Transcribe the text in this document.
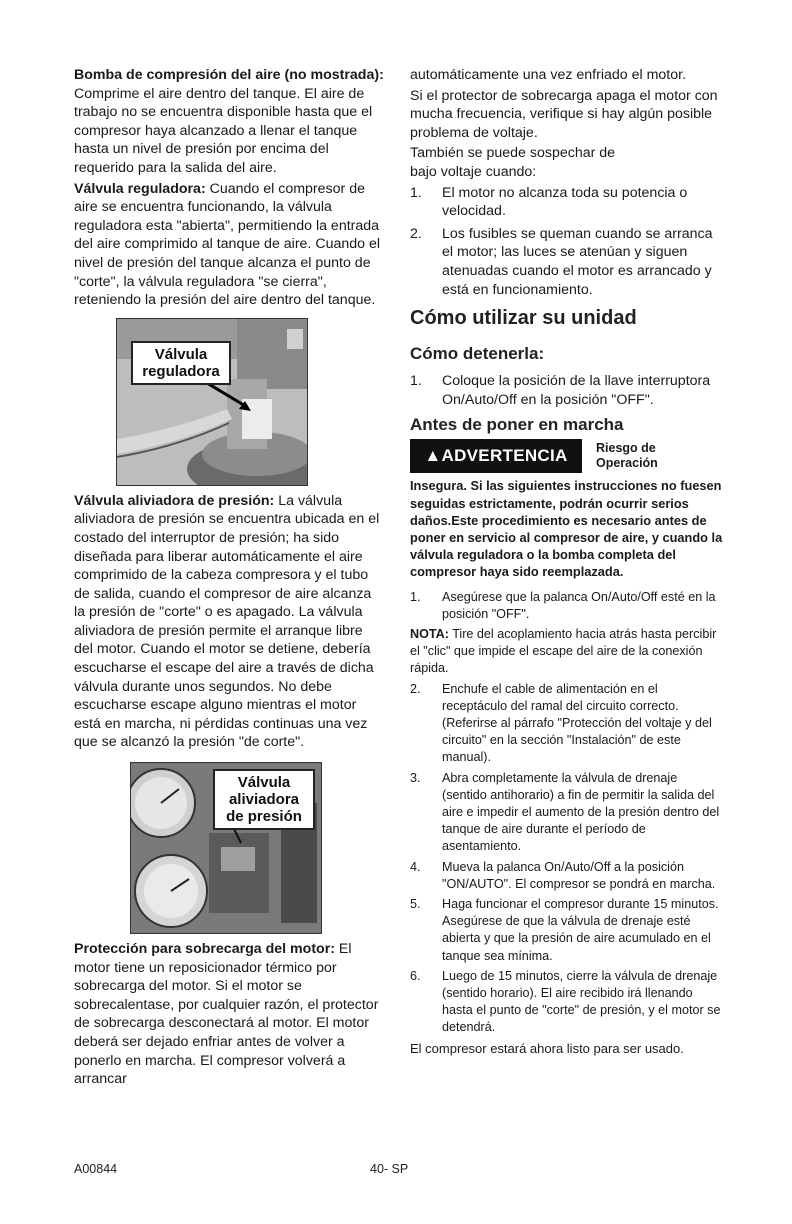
Bomba de compresión del aire (no mostrada): Comprime el aire dentro del tanque. El aire de trabajo no se encuentra disponible hasta que el compresor haya alcanzado a llenar el tanque hasta un nivel de presión por encima del requerido para la salida del aire.

Válvula reguladora: Cuando el compresor de aire se encuentra funcionando, la válvula reguladora esta "abierta", permitiendo la entrada del aire comprimido al tanque de aire. Cuando el nivel de presión del tanque alcanza el punto de "corte", la válvula reguladora "se cierra", reteniendo la presión del aire dentro del tanque.

Válvula
reguladora

Válvula aliviadora de presión: La válvula aliviadora de presión se encuentra ubicada en el costado del interruptor de presión; ha sido diseñada para liberar automáticamente el aire comprimido de la cabeza compresora y el tubo de salida, cuando el compresor de aire alcanza la presión de "corte" o es apagado. La válvula aliviadora de presión permite el arranque libre del motor. Cuando el motor se detiene, debería escucharse el escape del aire a través de dicha válvula durante unos segundos. No debe escucharse escape alguno mientras el motor está en marcha, ni pérdidas continuas una vez que se alcanzó la presión "de corte".

Válvula
aliviadora
de presión

Protección para sobrecarga del motor: El motor tiene un reposicionador térmico por sobrecarga del motor. Si el motor se sobrecalentase, por cualquier razón, el protector de sobrecarga desconectará al motor. El motor deberá ser dejado enfriar antes de volver a ponerlo en marcha. El compresor volverá a arrancar

automáticamente una vez enfriado el motor.

Si el protector de sobrecarga apaga el motor con mucha frecuencia, verifique si hay algún posible problema de voltaje.

También se puede sospechar de

bajo voltaje cuando:

1.	El motor no alcanza toda su potencia o velocidad.
2.	Los fusibles se queman cuando se arranca el motor; las luces se atenúan y siguen atenuadas cuando el motor es arrancado y está en funcionamiento.
Cómo utilizar su unidad
Cómo detenerla:
1.	Coloque la posición de la llave interruptora On/Auto/Off en la posición "OFF".
Antes de poner en marcha
▲ADVERTENCIA	Riesgo de
Operación

Insegura. Si las siguientes instrucciones no fuesen seguidas estrictamente, podrán ocurrir serios daños.Este procedimiento es necesario antes de poner en servicio al compresor de aire, y cuando la válvula reguladora o la bomba completa del compresor haya sido reemplazada.

1.	Asegúrese que la palanca On/Auto/Off esté en la posición "OFF".

NOTA: Tire del acoplamiento hacia atrás hasta percibir el "clic" que impide el escape del aire de la conexión rápida.

2.	Enchufe el cable de alimentación en el receptáculo del ramal del circuito correcto. (Referirse al párrafo "Protección del voltaje y del circuito" en la sección "Instalación" de este manual).
3.	Abra completamente la válvula de drenaje (sentido antihorario) a fin de permitir la salida del aire e impedir el aumento de la presión dentro del tanque de aire durante el período de asentamiento.
4.	Mueva la palanca On/Auto/Off a la posición "ON/AUTO". El compresor se pondrá en marcha.
5.	Haga funcionar el compresor durante 15 minutos. Asegúrese de que la válvula de drenaje esté abierta y que la presión de aire acumulado en el tanque sea mínima.
6.	Luego de 15 minutos, cierre la válvula de drenaje (sentido horario). El aire recibido irá llenando hasta el punto de "corte" de presión, y el motor se detendrá.

El compresor estará ahora listo para ser usado.

A00844	40- SP
